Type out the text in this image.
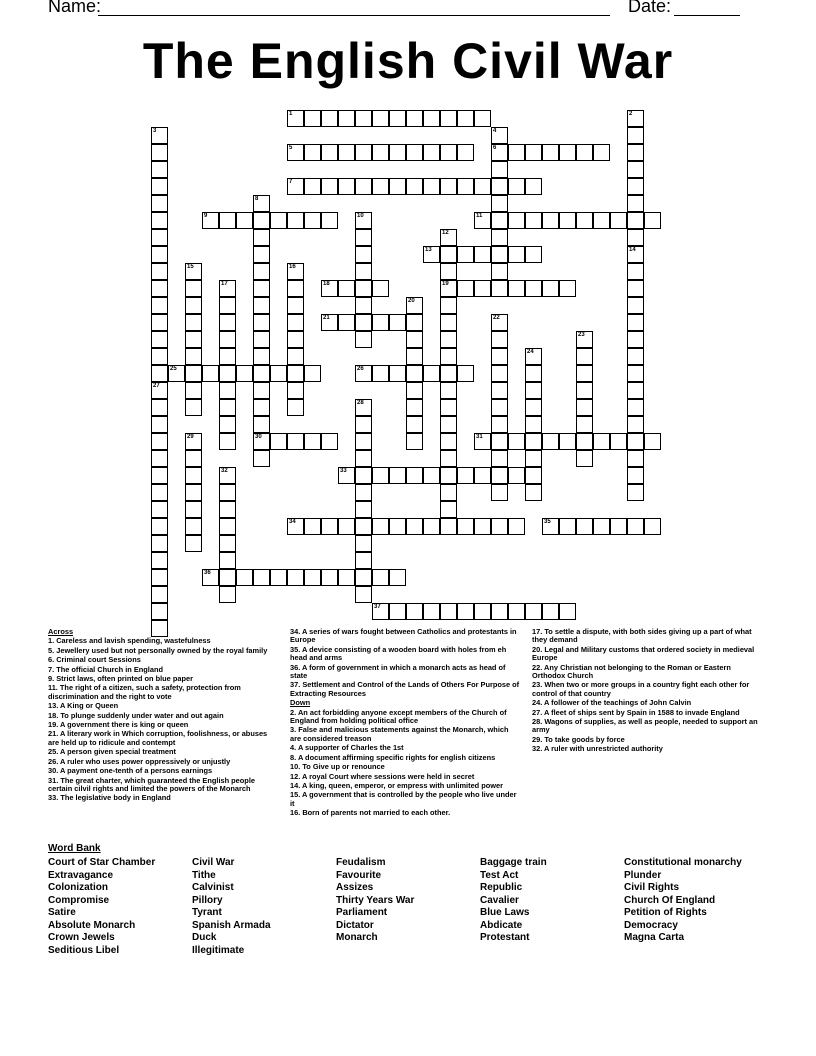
Name:	Date:
The English Civil War
1	2
14
3
27
4
6
5
7
8
30
9	10	11
12
19
13
15	16
17	18
20
21	22
23
24
25	26
28
29	31
32	33
34	35
36
37

Across

1. Careless and lavish spending, wastefulness

5. Jewellery used but not personally owned by the royal family

6. Criminal court Sessions

7. The official Church in England

9. Strict laws, often printed on blue paper

11. The right of a citizen, such a safety, protection from discrimination and the right to vote

13. A King or Queen

18. To plunge suddenly under water and out again

19. A government there is king or queen

21. A literary work in Which corruption, foolishness, or abuses are held up to ridicule and contempt

25. A person given special treatment

26. A ruler who uses power oppressively or unjustly

30. A payment one-tenth of a persons earnings

31. The great charter, which guaranteed the English people certain cilvil rights and limited the powers of the Monarch

33. The legislative body in England

34. A series of wars fought between Catholics and protestants in Europe

35. A device consisting of a wooden board with holes from eh head and arms

36. A form of government in which a monarch acts as head of state

37. Settlement and Control of the Lands of Others For Purpose of Extracting Resources

Down

2. An act forbidding anyone except members of the Church of England from holding political office

3. False and malicious statements against the Monarch, which are considered treason

4. A supporter of Charles the 1st

8. A document affirming specific rights for english citizens

10. To Give up or renounce

12. A royal Court where sessions were held in secret

14. A king, queen, emperor, or empress with unlimited power

15. A government that is controlled by the people who live under it

16. Born of parents not married to each other.

17. To settle a dispute, with both sides giving up a part of what they demand

20. Legal and Military customs that ordered society in medieval Europe

22. Any Christian not belonging to the Roman or Eastern Orthodox Church

23. When two or more groups in a country fight each other for control of that country

24. A follower of the teachings of John Calvin

27. A fleet of ships sent by Spain in 1588 to invade England

28. Wagons of supplies, as well as people, needed to support an army

29. To take goods by force

32. A ruler with unrestricted authority

Word Bank
Court of Star Chamber
Extravagance
Colonization
Compromise
Satire
Absolute Monarch
Crown Jewels
Seditious Libel
Civil War
Tithe
Calvinist
Pillory
Tyrant
Spanish Armada
Duck
Illegitimate
Feudalism
Favourite
Assizes
Thirty Years War
Parliament
Dictator
Monarch
Baggage train
Test Act
Republic
Cavalier
Blue Laws
Abdicate
Protestant
Constitutional monarchy
Plunder
Civil Rights
Church Of England
Petition of Rights
Democracy
Magna Carta
